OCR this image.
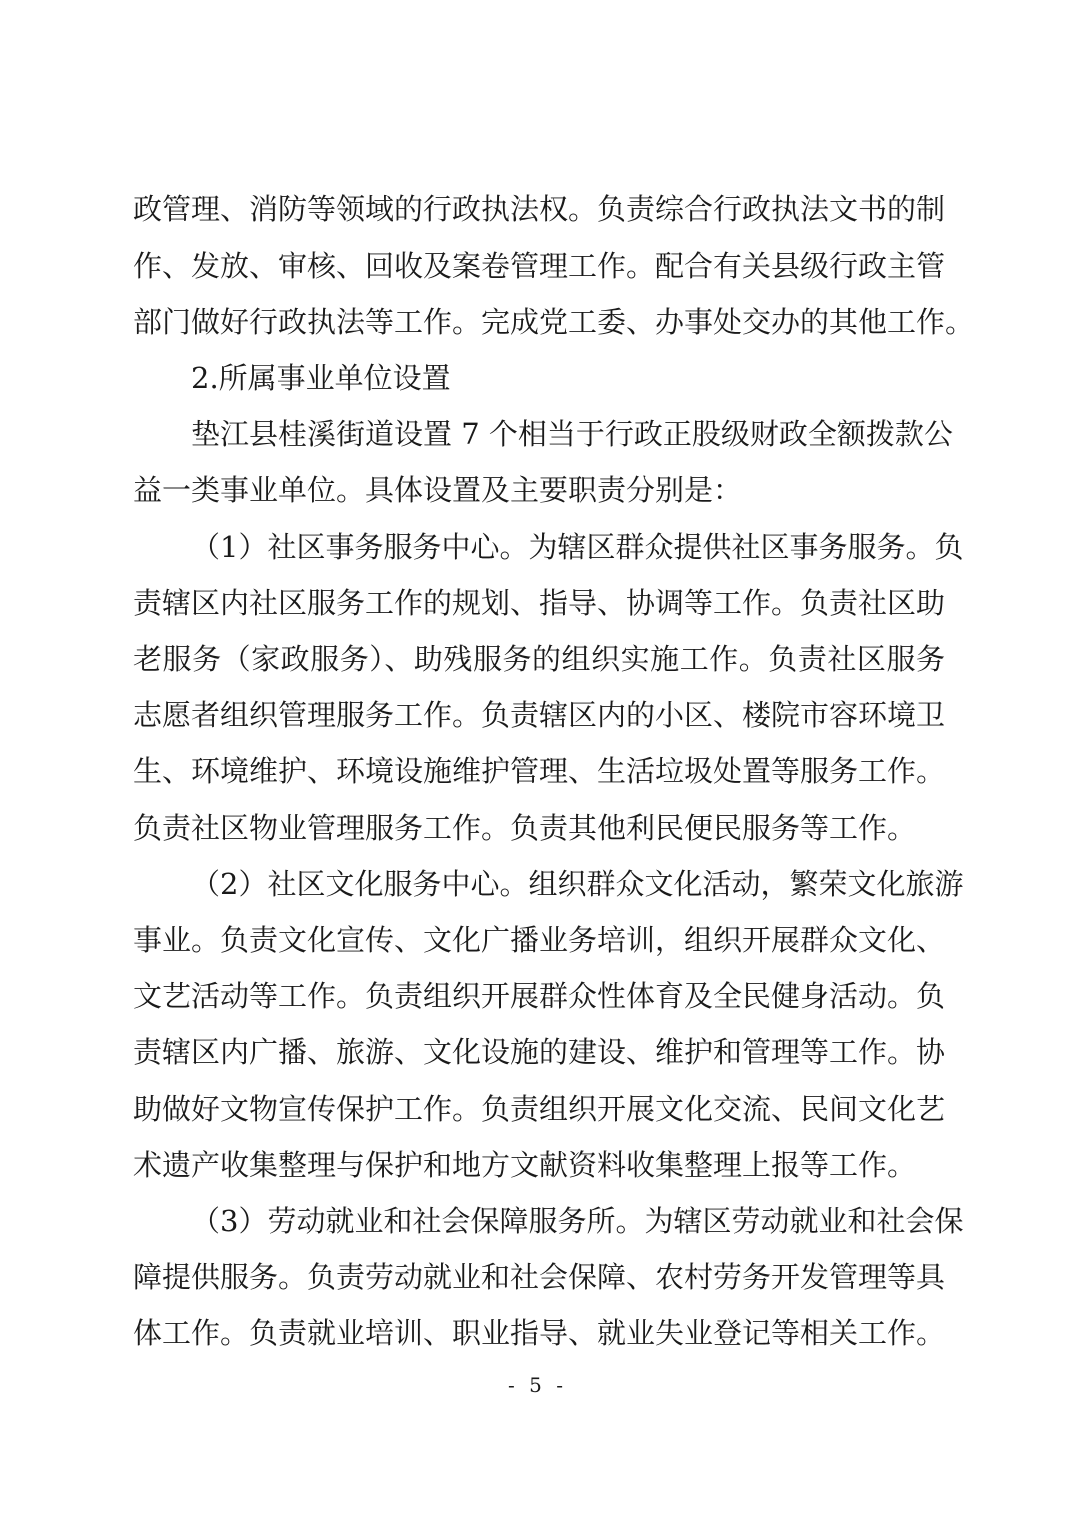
政管理、消防等领域的行政执法权。负责综合行政执法文书的制
作、发放、审核、回收及案卷管理工作。配合有关县级行政主管
部门做好行政执法等工作。完成党工委、办事处交办的其他工作。
2.所属事业单位设置
垫江县桂溪街道设置 7 个相当于行政正股级财政全额拨款公
益一类事业单位。具体设置及主要职责分别是：
（1）社区事务服务中心。为辖区群众提供社区事务服务。负
责辖区内社区服务工作的规划、指导、协调等工作。负责社区助
老服务（家政服务）、助残服务的组织实施工作。负责社区服务
志愿者组织管理服务工作。负责辖区内的小区、楼院市容环境卫
生、环境维护、环境设施维护管理、生活垃圾处置等服务工作。
负责社区物业管理服务工作。负责其他利民便民服务等工作。
（2）社区文化服务中心。组织群众文化活动，繁荣文化旅游
事业。负责文化宣传、文化广播业务培训，组织开展群众文化、
文艺活动等工作。负责组织开展群众性体育及全民健身活动。负
责辖区内广播、旅游、文化设施的建设、维护和管理等工作。协
助做好文物宣传保护工作。负责组织开展文化交流、民间文化艺
术遗产收集整理与保护和地方文献资料收集整理上报等工作。
（3）劳动就业和社会保障服务所。为辖区劳动就业和社会保
障提供服务。负责劳动就业和社会保障、农村劳务开发管理等具
体工作。负责就业培训、职业指导、就业失业登记等相关工作。
- 5 -
